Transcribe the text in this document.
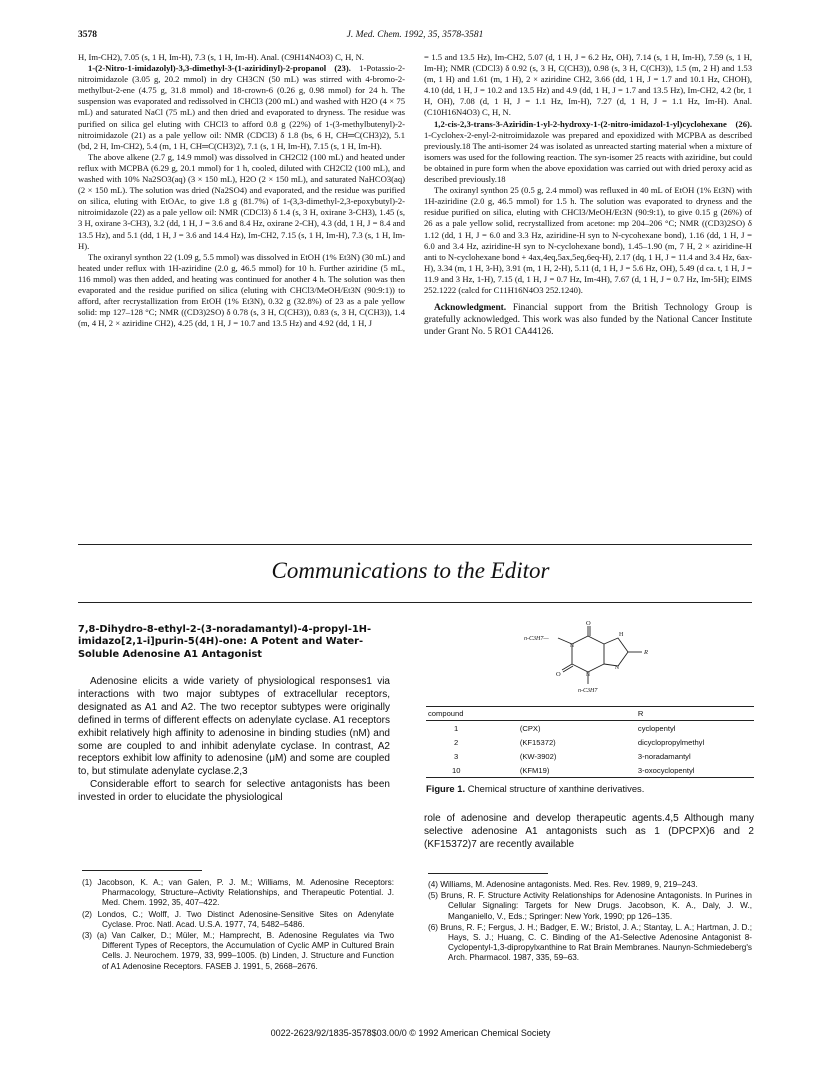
3578	J. Med. Chem. 1992, 35, 3578-3581

H, Im-CH2), 7.05 (s, 1 H, Im-H), 7.3 (s, 1 H, Im-H). Anal. (C9H14N4O3) C, H, N.

1-(2-Nitro-1-imidazolyl)-3,3-dimethyl-3-(1-aziridinyl)-2-propanol (23). 1-Potassio-2-nitroimidazole (3.05 g, 20.2 mmol) in dry CH3CN (50 mL) was stirred with 4-bromo-2-methylbut-2-ene (4.75 g, 31.8 mmol) and 18-crown-6 (0.26 g, 0.98 mmol) for 24 h. The suspension was evaporated and redissolved in CHCl3 (200 mL) and washed with H2O (4 × 75 mL) and saturated NaCl (75 mL) and then dried and evaporated to dryness. The residue was purified on silica gel eluting with CHCl3 to afford 0.8 g (22%) of 1-(3-methylbutenyl)-2-nitroimidazole (21) as a pale yellow oil: NMR (CDCl3) δ 1.8 (bs, 6 H, CH═C(CH3)2), 5.1 (bd, 2 H, Im-CH2), 5.4 (m, 1 H, CH═C(CH3)2), 7.1 (s, 1 H, Im-H), 7.15 (s, 1 H, Im-H).

The above alkene (2.7 g, 14.9 mmol) was dissolved in CH2Cl2 (100 mL) and heated under reflux with MCPBA (6.29 g, 20.1 mmol) for 1 h, cooled, diluted with CH2Cl2 (100 mL), and washed with 10% Na2SO3(aq) (3 × 150 mL), H2O (2 × 150 mL), and saturated NaHCO3(aq) (2 × 150 mL). The solution was dried (Na2SO4) and evaporated, and the residue was purified on silica, eluting with EtOAc, to give 1.8 g (81.7%) of 1-(3,3-dimethyl-2,3-epoxybutyl)-2-nitroimidazole (22) as a pale yellow oil: NMR (CDCl3) δ 1.4 (s, 3 H, oxirane 3-CH3), 1.45 (s, 3 H, oxirane 3-CH3), 3.2 (dd, 1 H, J = 3.6 and 8.4 Hz, oxirane 2-CH), 4.3 (dd, 1 H, J = 8.4 and 13.5 Hz), and 5.1 (dd, 1 H, J = 3.6 and 14.4 Hz), Im-CH2, 7.15 (s, 1 H, Im-H), 7.3 (s, 1 H, Im-H).

The oxiranyl synthon 22 (1.09 g, 5.5 mmol) was dissolved in EtOH (1% Et3N) (30 mL) and heated under reflux with 1H-aziridine (2.0 g, 46.5 mmol) for 10 h. Further aziridine (5 mL, 116 mmol) was then added, and heating was continued for another 4 h. The solution was then evaporated and the residue purified on silica (eluting with CHCl3/MeOH/Et3N (90:9:1)) to afford, after recrystallization from EtOH (1% Et3N), 0.32 g (32.8%) of 23 as a pale yellow solid: mp 127–128 °C; NMR ((CD3)2SO) δ 0.78 (s, 3 H, C(CH3)), 0.83 (s, 3 H, C(CH3)), 1.4 (m, 4 H, 2 × aziridine CH2), 4.25 (dd, 1 H, J = 10.7 and 13.5 Hz) and 4.92 (dd, 1 H, J

= 1.5 and 13.5 Hz), Im-CH2, 5.07 (d, 1 H, J = 6.2 Hz, OH), 7.14 (s, 1 H, Im-H), 7.59 (s, 1 H, Im-H); NMR (CDCl3) δ 0.92 (s, 3 H, C(CH3)), 0.98 (s, 3 H, C(CH3)), 1.5 (m, 2 H) and 1.53 (m, 1 H) and 1.61 (m, 1 H), 2 × aziridine CH2, 3.66 (dd, 1 H, J = 1.7 and 10.1 Hz, CHOH), 4.10 (dd, 1 H, J = 10.2 and 13.5 Hz) and 4.9 (dd, 1 H, J = 1.7 and 13.5 Hz), Im-CH2, 4.2 (br, 1 H, OH), 7.08 (d, 1 H, J = 1.1 Hz, Im-H), 7.27 (d, 1 H, J = 1.1 Hz, Im-H). Anal. (C10H16N4O3) C, H, N.

1,2-cis-2,3-trans-3-Aziridin-1-yl-2-hydroxy-1-(2-nitro-imidazol-1-yl)cyclohexane (26). 1-Cyclohex-2-enyl-2-nitroimidazole was prepared and epoxidized with MCPBA as described previously.18 The anti-isomer 24 was isolated as unreacted starting material when a mixture of isomers was used for the following reaction. The syn-isomer 25 reacts with aziridine, but could be obtained in pure form when the above epoxidation was carried out with dried peroxy acid as described previously.18

The oxiranyl synthon 25 (0.5 g, 2.4 mmol) was refluxed in 40 mL of EtOH (1% Et3N) with 1H-aziridine (2.0 g, 46.5 mmol) for 1.5 h. The solution was evaporated to dryness and the residue purified on silica, eluting with CHCl3/MeOH/Et3N (90:9:1), to give 0.15 g (26%) of 26 as a pale yellow solid, recrystallized from acetone: mp 204–206 °C; NMR ((CD3)2SO) δ 1.12 (dd, 1 H, J = 6.0 and 3.3 Hz, aziridine-H syn to N-cycohexane bond), 1.16 (dd, 1 H, J = 6.0 and 3.4 Hz, aziridine-H syn to N-cyclohexane bond), 1.45–1.90 (m, 7 H, 2 × aziridine-H anti to N-cyclohexane bond + 4ax,4eq,5ax,5eq,6eq-H), 2.17 (dq, 1 H, J = 11.4 and 3.4 Hz, 6ax-H), 3.34 (m, 1 H, 3-H), 3.91 (m, 1 H, 2-H), 5.11 (d, 1 H, J = 5.6 Hz, OH), 5.49 (d ca. t, 1 H, J = 11.9 and 3 Hz, 1-H), 7.15 (d, 1 H, J = 0.7 Hz, Im-4H), 7.67 (d, 1 H, J = 0.7 Hz, Im-5H); EIMS 252.1222 (calcd for C11H16N4O3 252.1240).

Acknowledgment. Financial support from the British Technology Group is gratefully acknowledged. This work was also funded by the National Cancer Institute under Grant No. 5 RO1 CA44126.

Communications to the Editor
7,8-Dihydro-8-ethyl-2-(3-noradamantyl)-4-propyl-1H-imidazo[2,1-i]purin-5(4H)-one: A Potent and Water-Soluble Adenosine A1 Antagonist

Adenosine elicits a wide variety of physiological responses1 via interactions with two major subtypes of extracellular receptors, designated as A1 and A2. The two receptor subtypes were originally defined in terms of different effects on adenylate cyclase. A1 receptors exhibit relatively high affinity to adenosine in binding studies (nM) and some are coupled to and inhibit adenylate cyclase. In contrast, A2 receptors exhibit low affinity to adenosine (μM) and some are coupled to, but stimulate adenylate cyclase.2,3

Considerable effort to search for selective antagonists has been invested in order to elucidate the physiological

n-C3H7—
O
O
H
R
n-C3H7
N
N
N
compound		R
1	(CPX)	cyclopentyl
2	(KF15372)	dicyclopropylmethyl
3	(KW-3902)	3-noradamantyl
10	(KFM19)	3-oxocyclopentyl
Figure 1. Chemical structure of xanthine derivatives.

role of adenosine and develop therapeutic agents.4,5 Although many selective adenosine A1 antagonists such as 1 (DPCPX)6 and 2 (KF15372)7 are recently available

(1) Jacobson, K. A.; van Galen, P. J. M.; Williams, M. Adenosine Receptors: Pharmacology, Structure–Activity Relationships, and Therapeutic Potential. J. Med. Chem. 1992, 35, 407–422.

(2) Londos, C.; Wolff, J. Two Distinct Adenosine-Sensitive Sites on Adenylate Cyclase. Proc. Natl. Acad. U.S.A. 1977, 74, 5482–5486.

(3) (a) Van Calker, D.; Müler, M.; Hamprecht, B. Adenosine Regulates via Two Different Types of Receptors, the Accumulation of Cyclic AMP in Cultured Brain Cells. J. Neurochem. 1979, 33, 999–1005. (b) Linden, J. Structure and Function of A1 Adenosine Receptors. FASEB J. 1991, 5, 2668–2676.

(4) Williams, M. Adenosine antagonists. Med. Res. Rev. 1989, 9, 219–243.

(5) Bruns, R. F. Structure Activity Relationships for Adenosine Antagonists. In Purines in Cellular Signaling: Targets for New Drugs. Jacobson, K. A., Daly, J. W., Manganiello, V., Eds.; Springer: New York, 1990; pp 126–135.

(6) Bruns, R. F.; Fergus, J. H.; Badger, E. W.; Bristol, J. A.; Stantay, L. A.; Hartman, J. D.; Hays, S. J.; Huang, C. C. Binding of the A1-Selective Adenosine Antagonist 8-Cyclopentyl-1,3-dipropylxanthine to Rat Brain Membranes. Naunyn-Schmiedeberg's Arch. Pharmacol. 1987, 335, 59–63.

0022-2623/92/1835-3578$03.00/0 © 1992 American Chemical Society
